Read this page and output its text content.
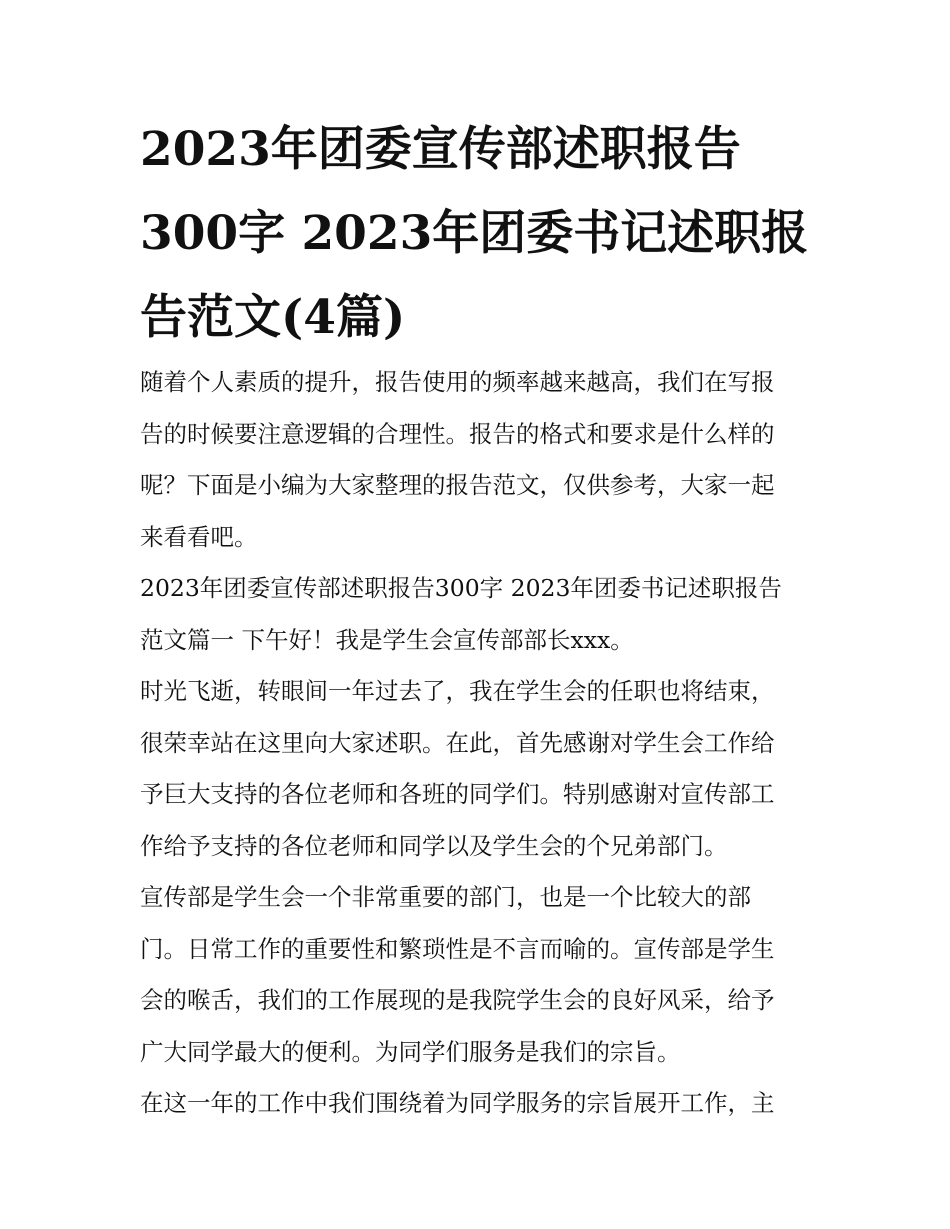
2023年团委宣传部述职报告
300字 2023年团委书记述职报
告范文(4篇)

随着个人素质的提升，报告使用的频率越来越高，我们在写报
告的时候要注意逻辑的合理性。报告的格式和要求是什么样的
呢？下面是小编为大家整理的报告范文，仅供参考，大家一起
来看看吧。

2023年团委宣传部述职报告300字 2023年团委书记述职报告
范文篇一 下午好！我是学生会宣传部部长xxx。

时光飞逝，转眼间一年过去了，我在学生会的任职也将结束，
很荣幸站在这里向大家述职。在此，首先感谢对学生会工作给
予巨大支持的各位老师和各班的同学们。特别感谢对宣传部工
作给予支持的各位老师和同学以及学生会的个兄弟部门。

宣传部是学生会一个非常重要的部门，也是一个比较大的部
门。日常工作的重要性和繁琐性是不言而喻的。宣传部是学生
会的喉舌，我们的工作展现的是我院学生会的良好风采，给予
广大同学最大的便利。为同学们服务是我们的宗旨。

在这一年的工作中我们围绕着为同学服务的宗旨展开工作，主
